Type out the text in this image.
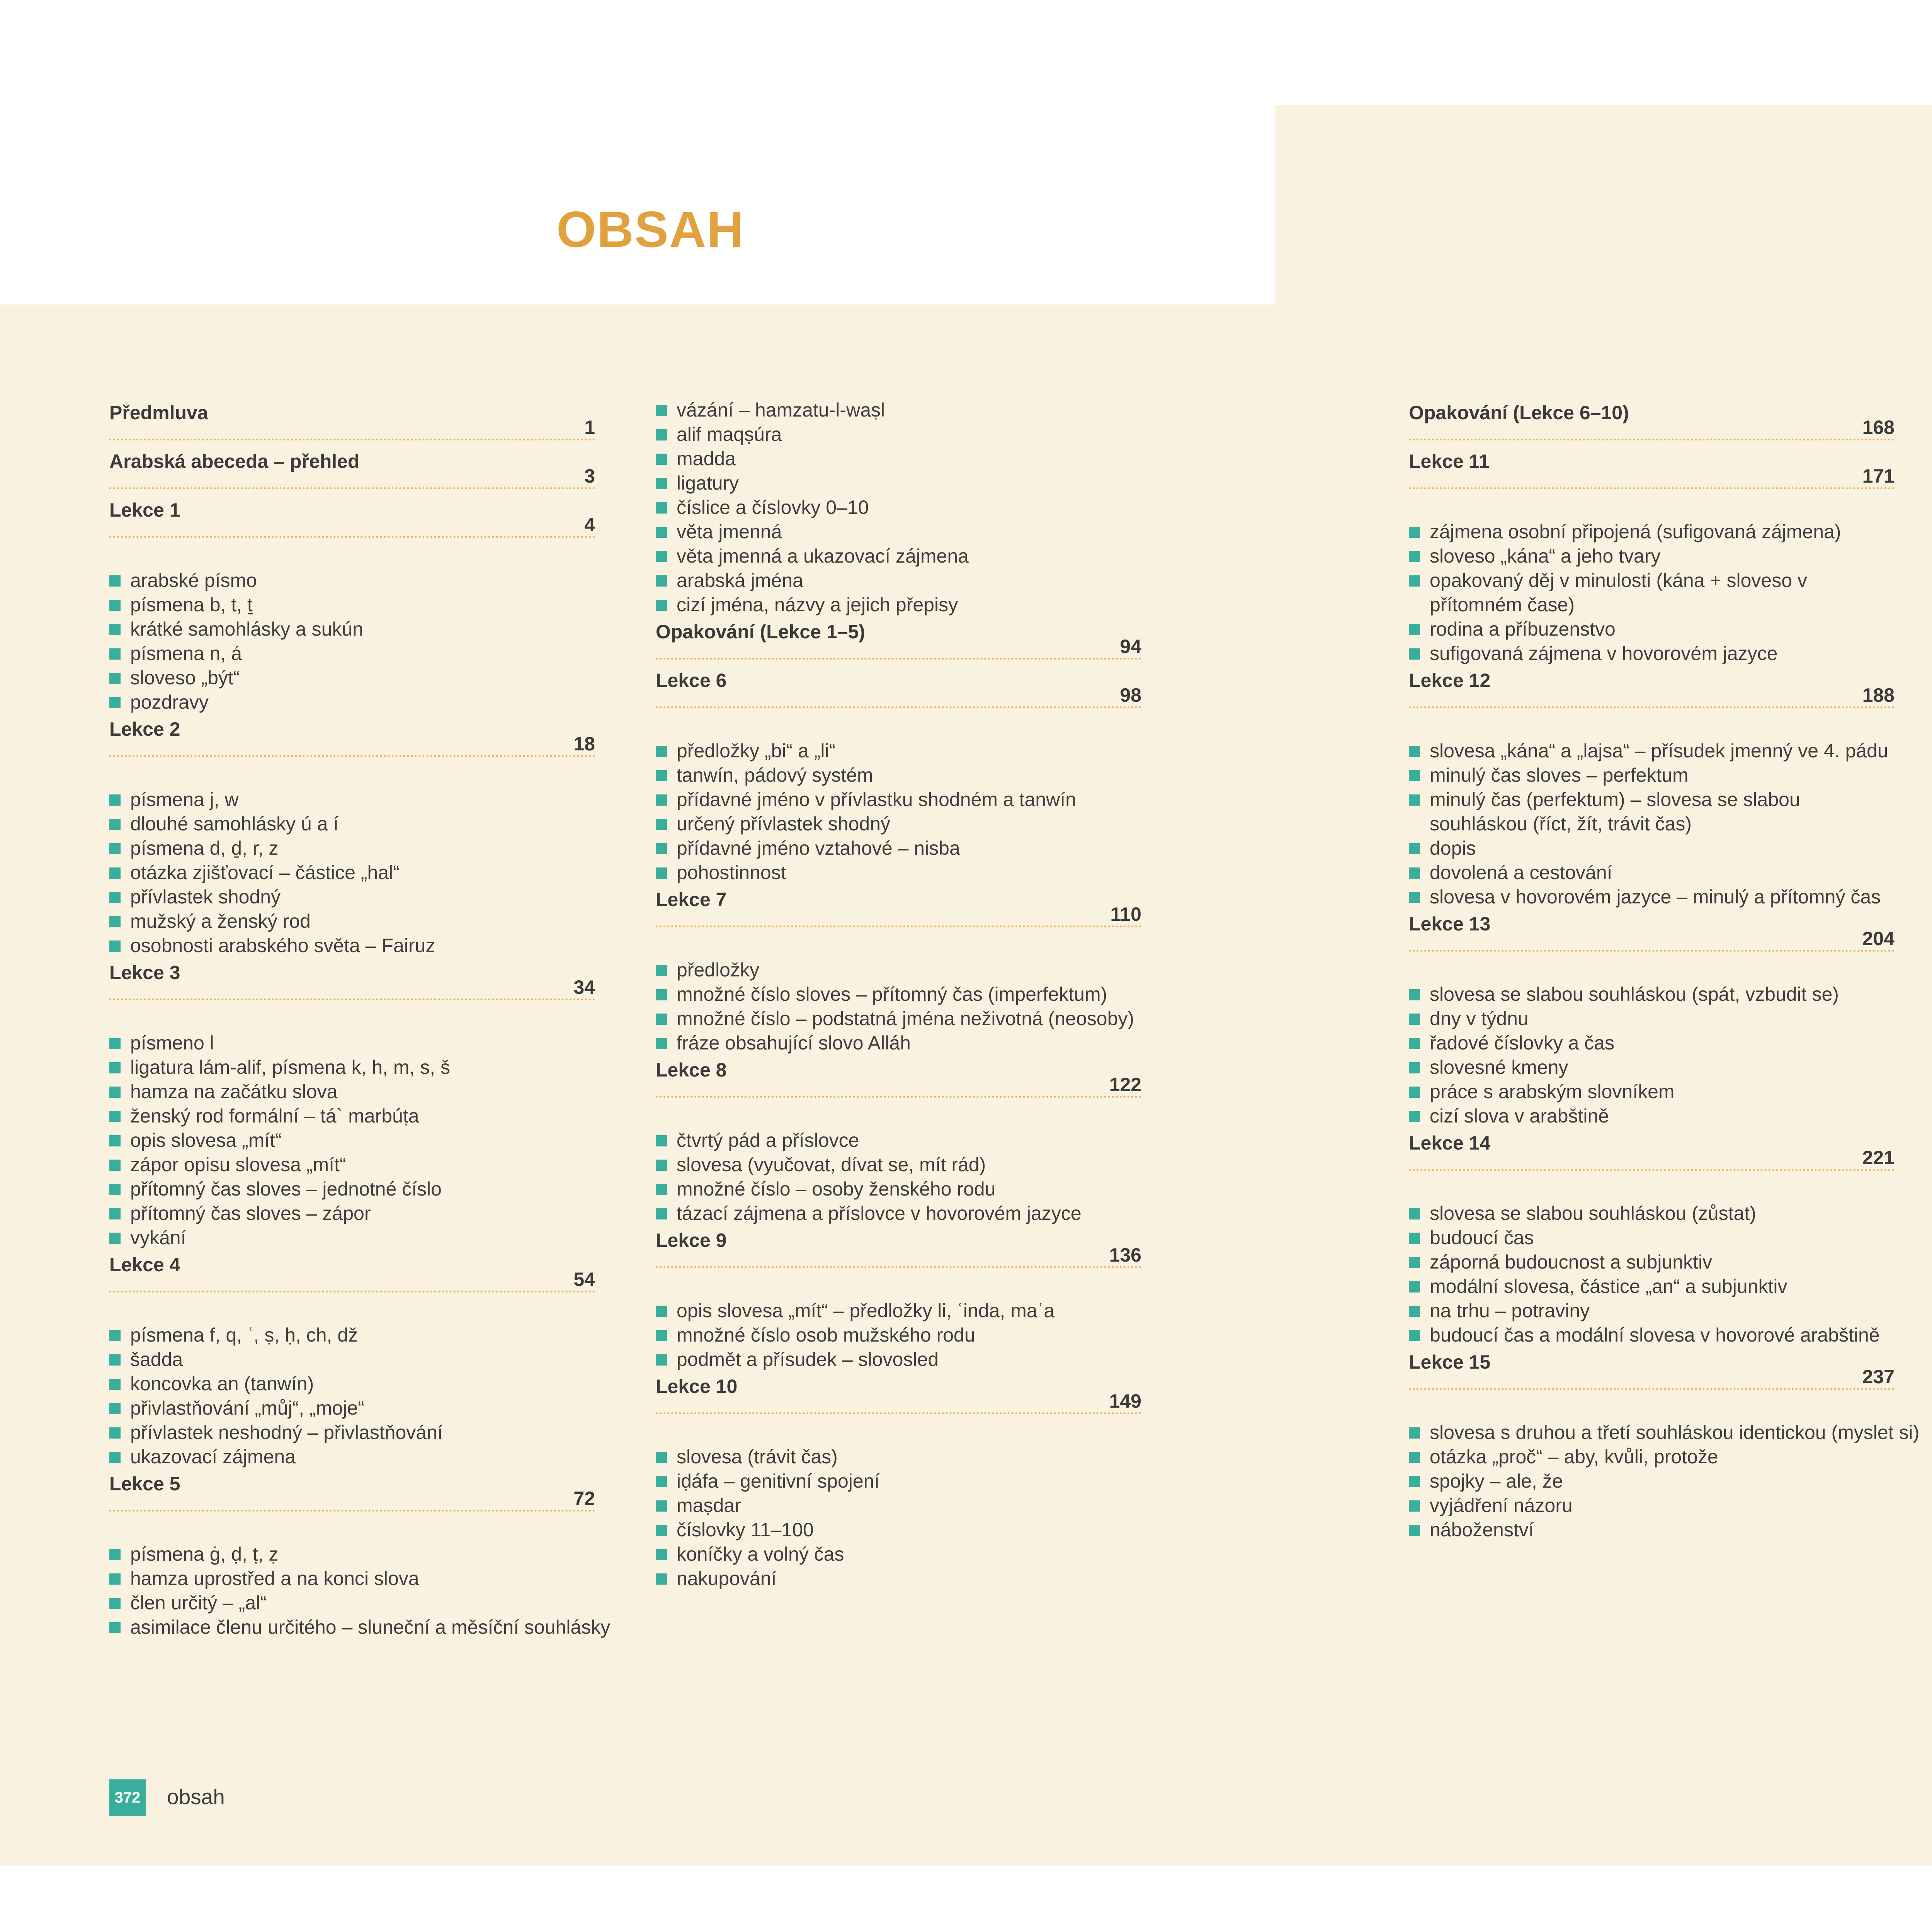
OBSAH
Předmluva
1
Arabská abeceda – přehled
3
Lekce 1
4
arabské písmo
písmena b, t, ṯ
krátké samohlásky a sukún
písmena n, á
sloveso „být“
pozdravy
Lekce 2
18
písmena j, w
dlouhé samohlásky ú a í
písmena d, ḏ, r, z
otázka zjišťovací – částice „hal“
přívlastek shodný
mužský a ženský rod
osobnosti arabského světa – Fairuz
Lekce 3
34
písmeno l
ligatura lám-alif, písmena k, h, m, s, š
hamza na začátku slova
ženský rod formální – tá` marbúṭa
opis slovesa „mít“
zápor opisu slovesa „mít“
přítomný čas sloves – jednotné číslo
přítomný čas sloves – zápor
vykání
Lekce 4
54
písmena f, q, ʿ, ṣ, ḥ, ch, dž
šadda
koncovka an (tanwín)
přivlastňování „můj“, „moje“
přívlastek neshodný – přivlastňování
ukazovací zájmena
Lekce 5
72
písmena ġ, ḍ, ṭ, ẓ
hamza uprostřed a na konci slova
člen určitý – „al“
asimilace členu určitého – sluneční a měsíční souhlásky
vázání – hamzatu-l-waṣl
alif maqṣúra
madda
ligatury
číslice a číslovky 0–10
věta jmenná
věta jmenná a ukazovací zájmena
arabská jména
cizí jména, názvy a jejich přepisy
Opakování (Lekce 1–5)
94
Lekce 6
98
předložky „bi“ a „li“
tanwín, pádový systém
přídavné jméno v přívlastku shodném a tanwín
určený přívlastek shodný
přídavné jméno vztahové – nisba
pohostinnost
Lekce 7
110
předložky
množné číslo sloves – přítomný čas (imperfektum)
množné číslo – podstatná jména neživotná (neosoby)
fráze obsahující slovo Alláh
Lekce 8
122
čtvrtý pád a příslovce
slovesa (vyučovat, dívat se, mít rád)
množné číslo – osoby ženského rodu
tázací zájmena a příslovce v hovorovém jazyce
Lekce 9
136
opis slovesa „mít“ – předložky li, ʿinda, maʿa
množné číslo osob mužského rodu
podmět a přísudek – slovosled
Lekce 10
149
slovesa (trávit čas)
iḍáfa – genitivní spojení
maṣdar
číslovky 11–100
koníčky a volný čas
nakupování
Opakování (Lekce 6–10)
168
Lekce 11
171
zájmena osobní připojená (sufigovaná zájmena)
sloveso „kána“ a jeho tvary
opakovaný děj v minulosti (kána + sloveso v přítomném čase)
rodina a příbuzenstvo
sufigovaná zájmena v hovorovém jazyce
Lekce 12
188
slovesa „kána“ a „lajsa“ – přísudek jmenný ve 4. pádu
minulý čas sloves – perfektum
minulý čas (perfektum) – slovesa se slabou souhláskou (říct, žít, trávit čas)
dopis
dovolená a cestování
slovesa v hovorovém jazyce – minulý a přítomný čas
Lekce 13
204
slovesa se slabou souhláskou (spát, vzbudit se)
dny v týdnu
řadové číslovky a čas
slovesné kmeny
práce s arabským slovníkem
cizí slova v arabštině
Lekce 14
221
slovesa se slabou souhláskou (zůstat)
budoucí čas
záporná budoucnost a subjunktiv
modální slovesa, částice „an“ a subjunktiv
na trhu – potraviny
budoucí čas a modální slovesa v hovorové arabštině
Lekce 15
237
slovesa s druhou a třetí souhláskou identickou (myslet si)
otázka „proč“ – aby, kvůli, protože
spojky – ale, že
vyjádření názoru
náboženství
372 obsah
